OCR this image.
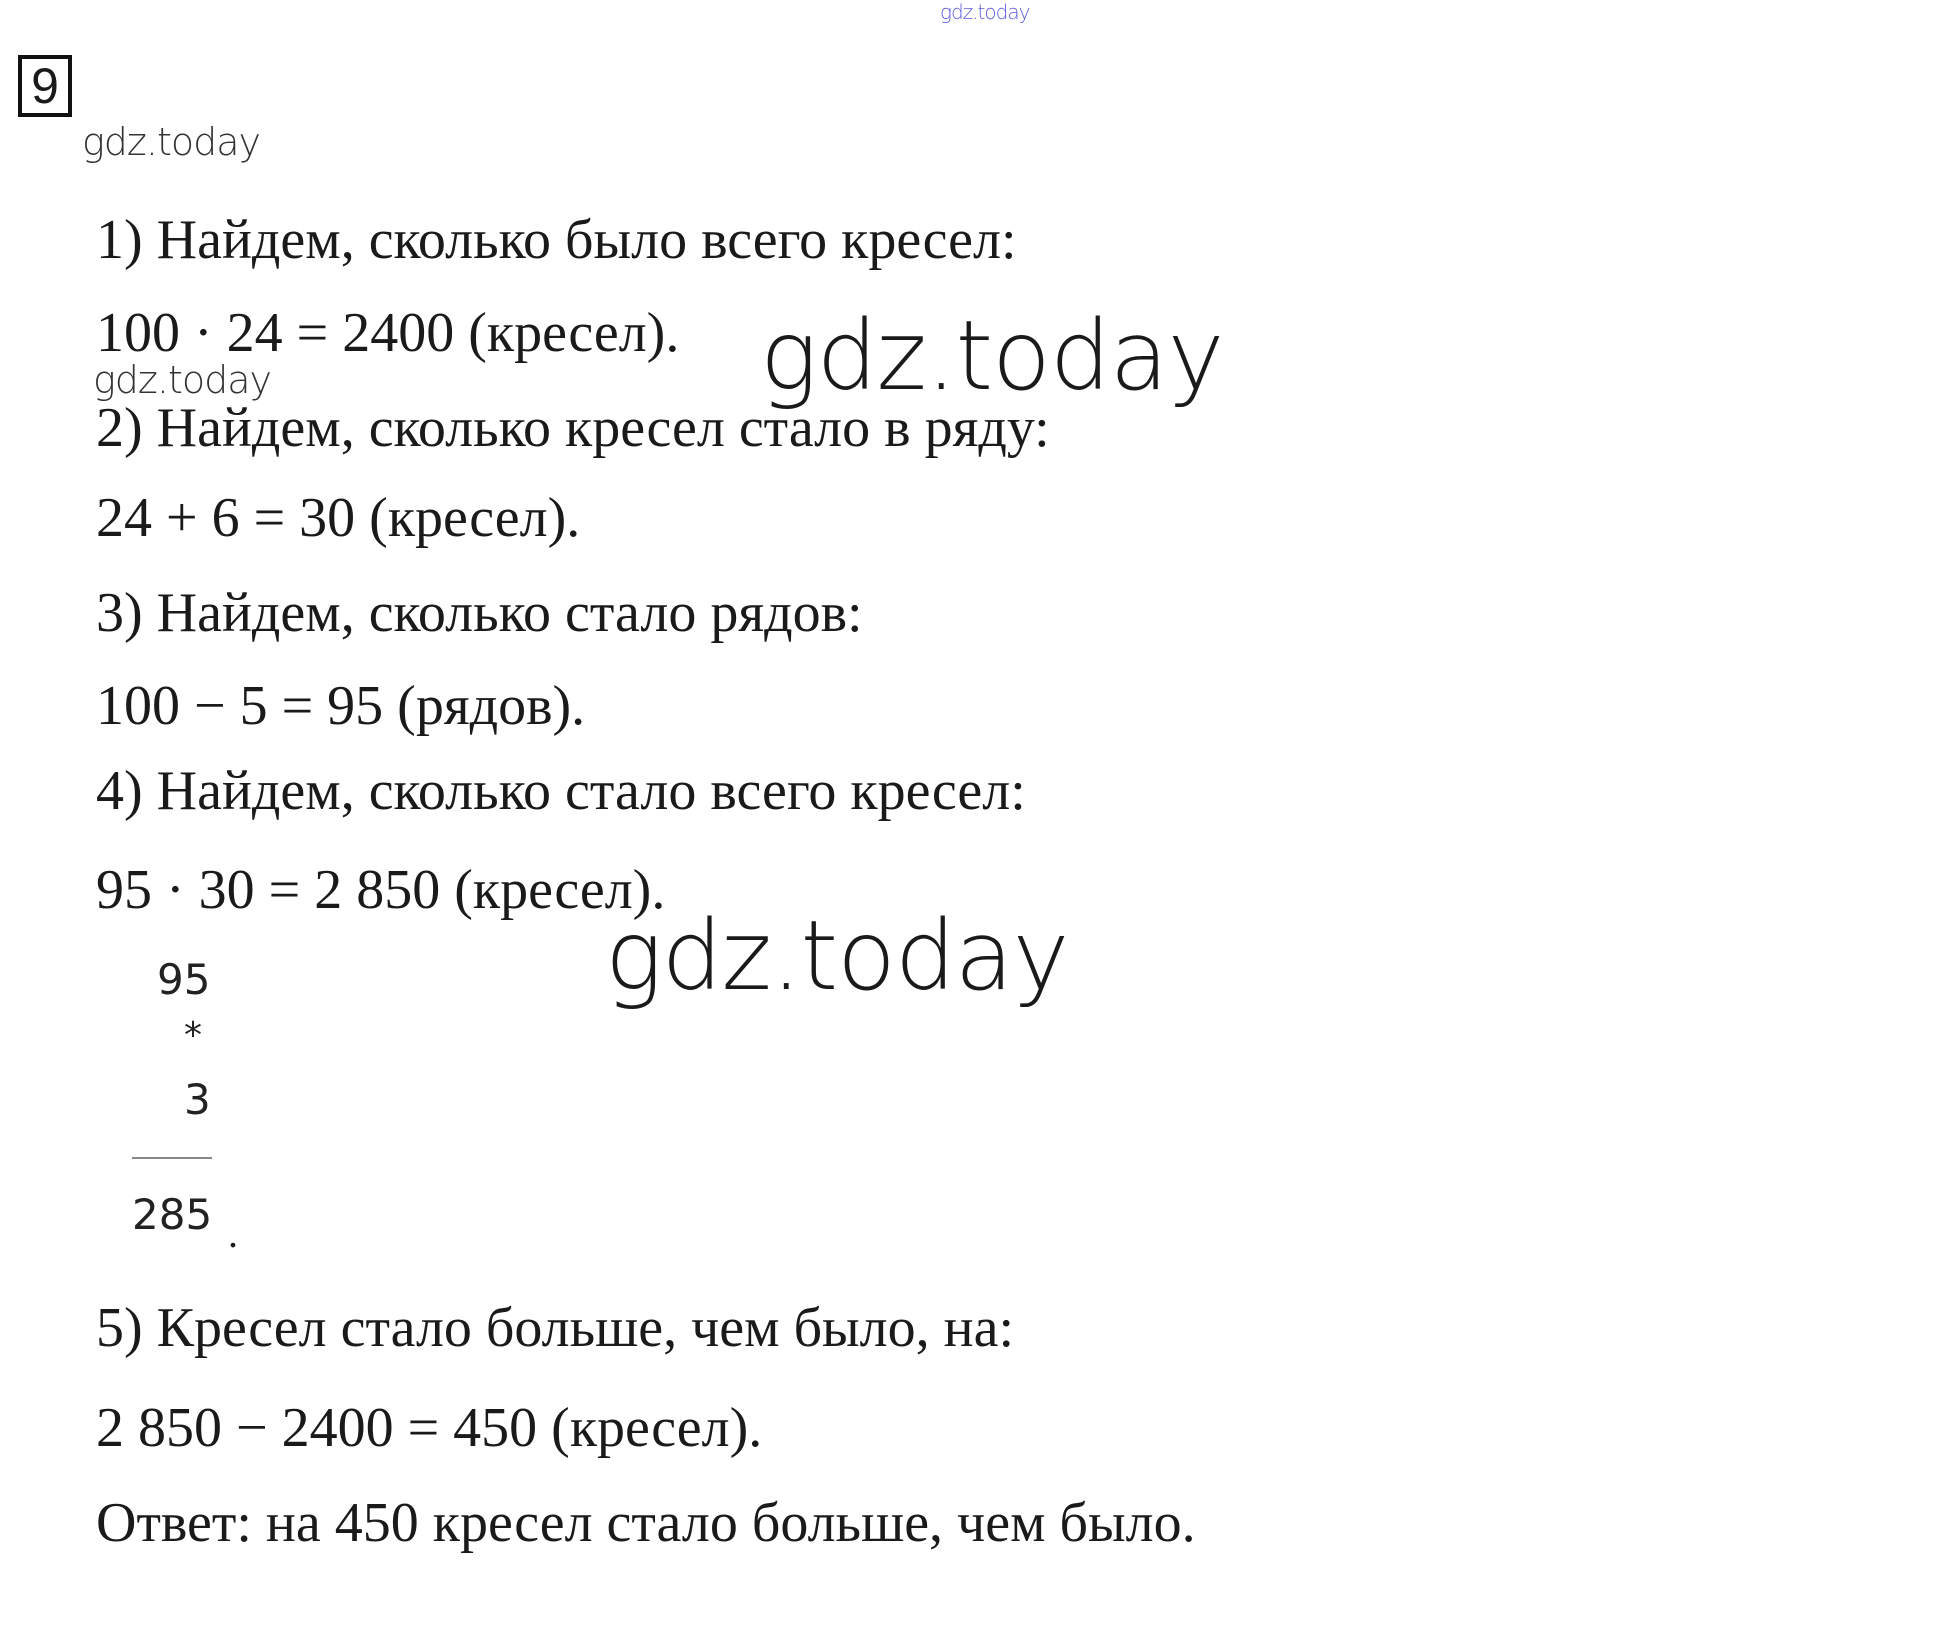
gdz.today
9
gdz.today
1) Найдем, сколько было всего кресел:
100 · 24 = 2400 (кресел).
gdz.today	gdz.today
2) Найдем, сколько кресел стало в ряду:
24 + 6 = 30 (кресел).
3) Найдем, сколько стало рядов:
100 − 5 = 95 (рядов).
4) Найдем, сколько стало всего кресел:
95 · 30 = 2 850 (кресел).
gdz.today
95
*
3
285 .
5) Кресел стало больше, чем было, на:
2 850 − 2400 = 450 (кресел).
Ответ: на 450 кресел стало больше, чем было.
